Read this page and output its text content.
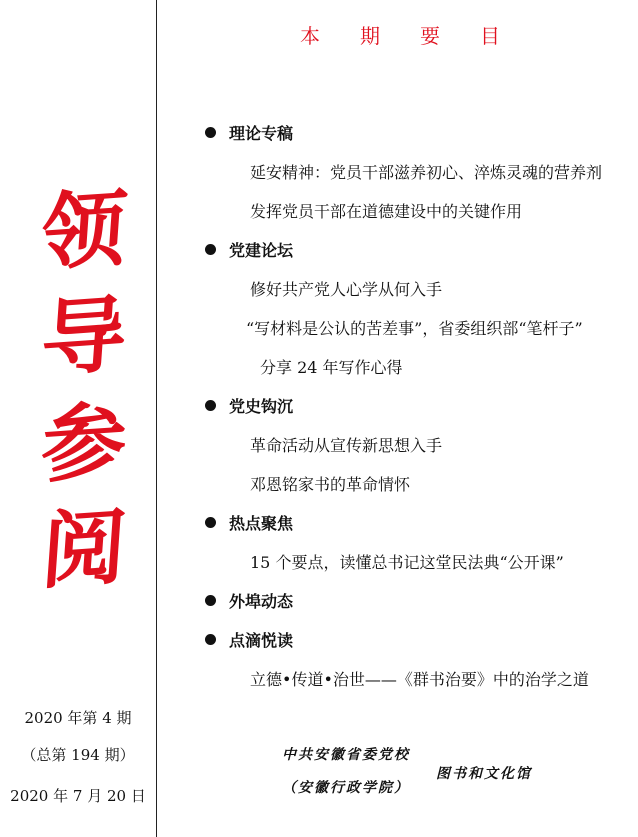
领
导
参
阅
2020 年第 4 期
（总第 194 期）
2020 年 7 月 20 日
本 期 要 目
理论专稿
延安精神：党员干部滋养初心、淬炼灵魂的营养剂
发挥党员干部在道德建设中的关键作用
党建论坛
修好共产党人心学从何入手
“写材料是公认的苦差事”，省委组织部“笔杆子”
分享 24 年写作心得
党史钩沉
革命活动从宣传新思想入手
邓恩铭家书的革命情怀
热点聚焦
15 个要点，读懂总书记这堂民法典“公开课”
外埠动态
点滴悦读
立德•传道•治世——《群书治要》中的治学之道
中共安徽省委党校
（安徽行政学院）
图书和文化馆
